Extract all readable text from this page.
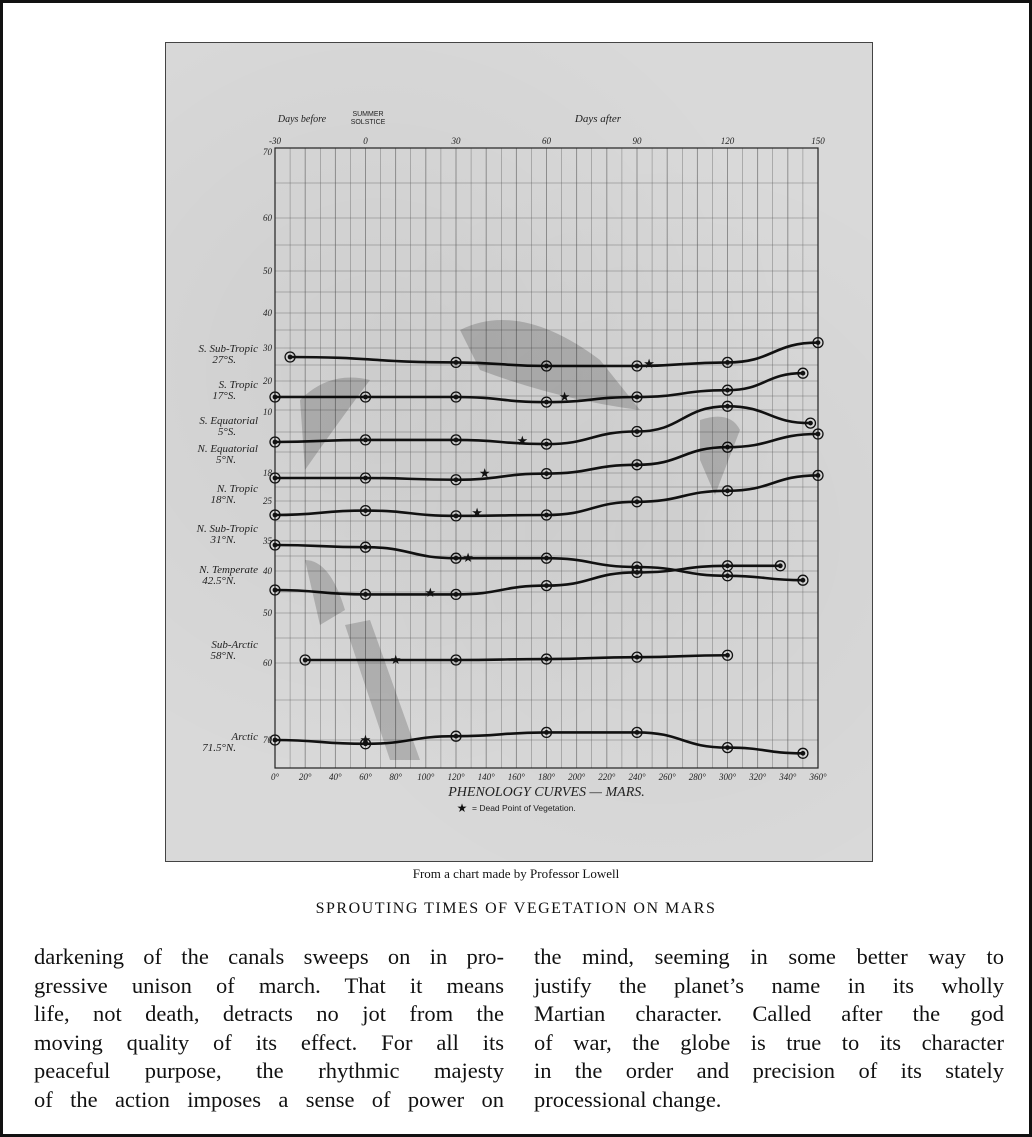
70
60
50
40
30
20
10
18
25
35
40
50
60
70
0° 20° 40° 60° 80° 100° 120° 140° 160° 180° 200° 220° 240° 260° 280° 300° 320° 340° 360°
-30	0	30	60	90	120	150
Days before	SUMMER
SOLSTICE	Days after
PHENOLOGY CURVES — MARS.
★ = Dead Point of Vegetation.
★
S. Sub-Tropic
27°S.
★
S. Tropic
17°S.
★
S. Equatorial
5°S.
★
N. Equatorial
5°N.
★
N. Tropic
18°N.
★
N. Sub-Tropic
31°N.
★
N. Temperate
42.5°N.
★
Sub-Arctic
58°N.
★
Arctic
71.5°N.
From a chart made by Professor Lowell
SPROUTING TIMES OF VEGETATION ON MARS

darkening of the canals sweeps on in pro-
gressive unison of march. That it means
life, not death, detracts no jot from the
moving quality of its effect. For all its
peaceful purpose, the rhythmic majesty
of the action imposes a sense of power on

the mind, seeming in some better way to
justify the planet’s name in its wholly
Martian character. Called after the god
of war, the globe is true to its character
in the order and precision of its stately
processional change.
